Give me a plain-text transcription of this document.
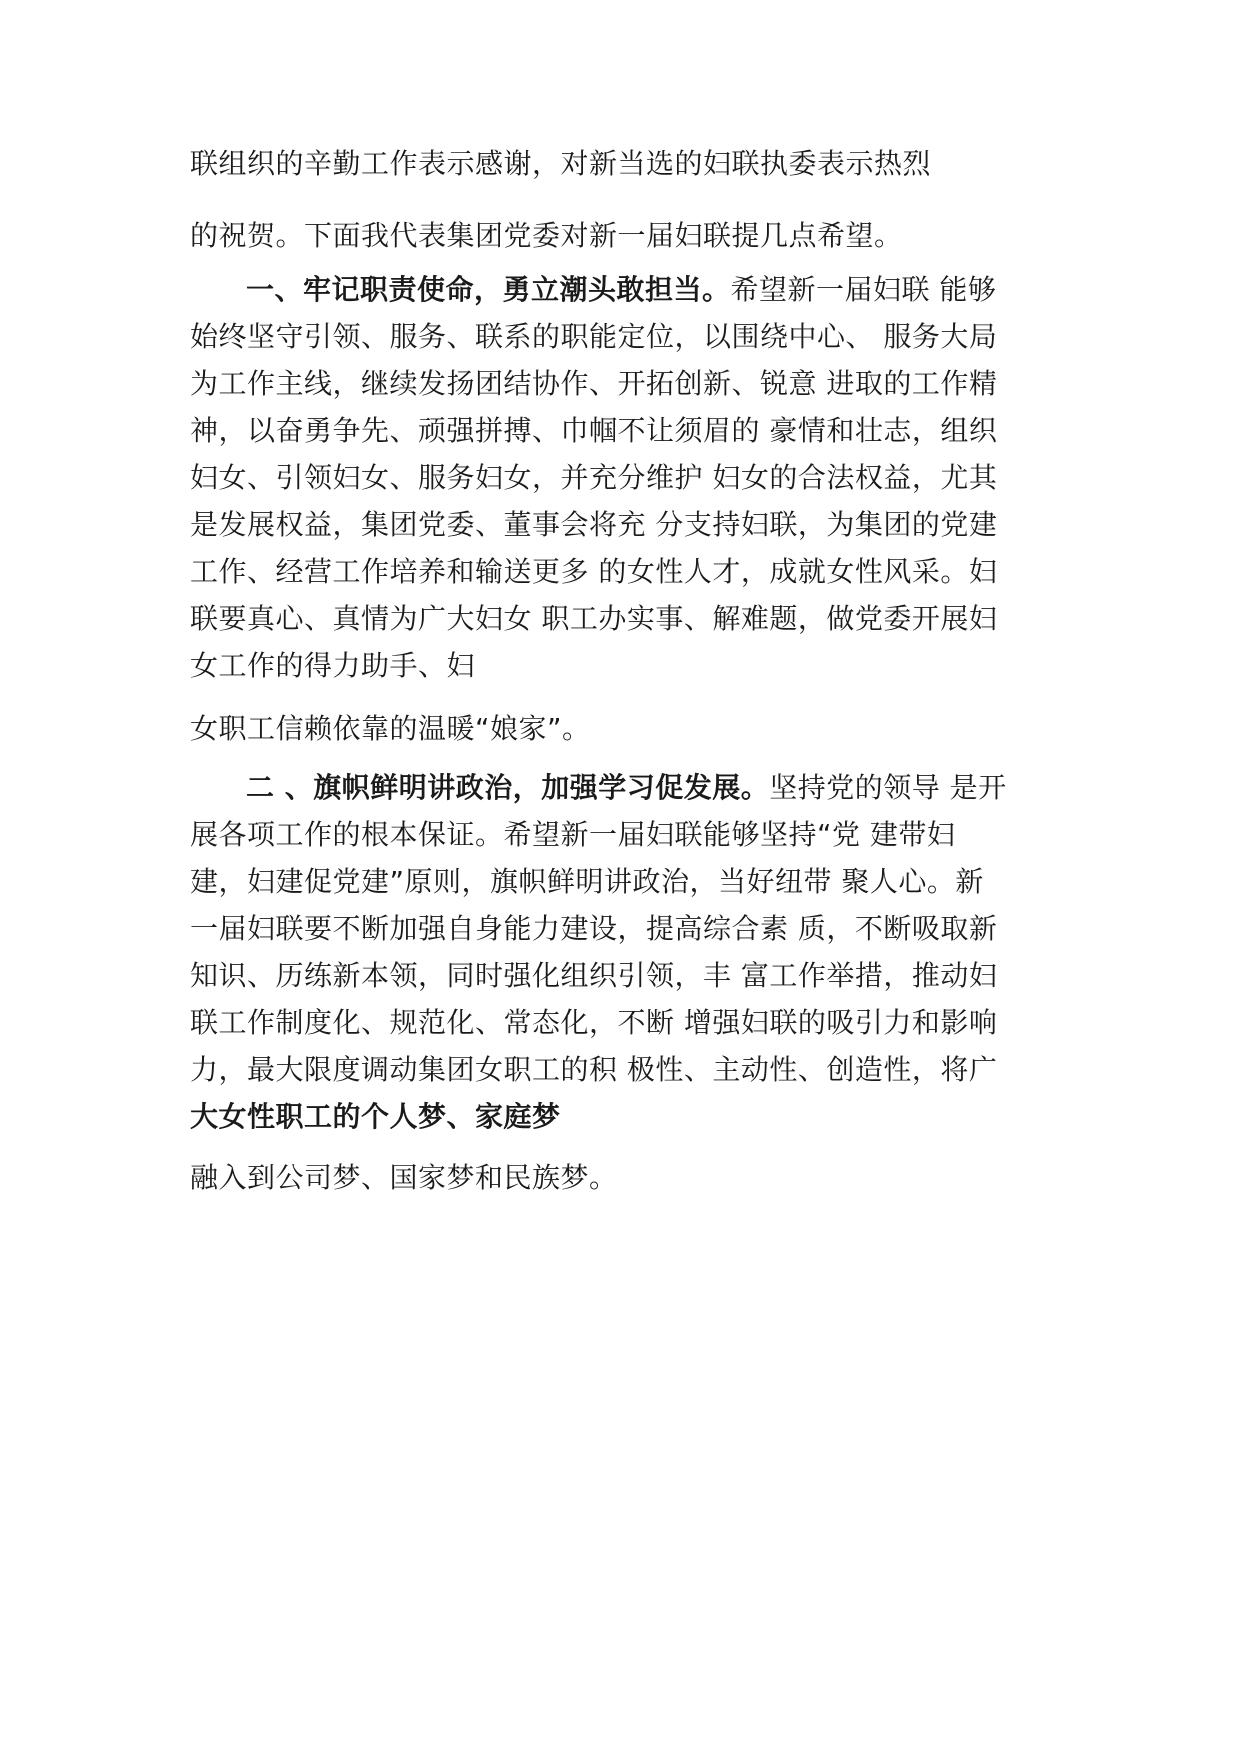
联组织的辛勤工作表示感谢，对新当选的妇联执委表示热烈
的祝贺。下面我代表集团党委对新一届妇联提几点希望。
一、牢记职责使命，勇立潮头敢担当。希望新一届妇联 能够
始终坚守引领、服务、联系的职能定位，以围绕中心、 服务大局
为工作主线，继续发扬团结协作、开拓创新、锐意 进取的工作精
神，以奋勇争先、顽强拼搏、巾帼不让须眉的 豪情和壮志，组织
妇女、引领妇女、服务妇女，并充分维护 妇女的合法权益，尤其
是发展权益，集团党委、董事会将充 分支持妇联，为集团的党建
工作、经营工作培养和输送更多 的女性人才，成就女性风采。妇
联要真心、真情为广大妇女 职工办实事、解难题，做党委开展妇
女工作的得力助手、妇
女职工信赖依靠的温暖“娘家”。
二 、旗帜鲜明讲政治，加强学习促发展。坚持党的领导 是开
展各项工作的根本保证。希望新一届妇联能够坚持“党 建带妇
建，妇建促党建”原则，旗帜鲜明讲政治，当好纽带 聚人心。新
一届妇联要不断加强自身能力建设，提高综合素 质，不断吸取新
知识、历练新本领，同时强化组织引领，丰 富工作举措，推动妇
联工作制度化、规范化、常态化，不断 增强妇联的吸引力和影响
力，最大限度调动集团女职工的积 极性、主动性、创造性，将广
大女性职工的个人梦、家庭梦
融入到公司梦、国家梦和民族梦。
